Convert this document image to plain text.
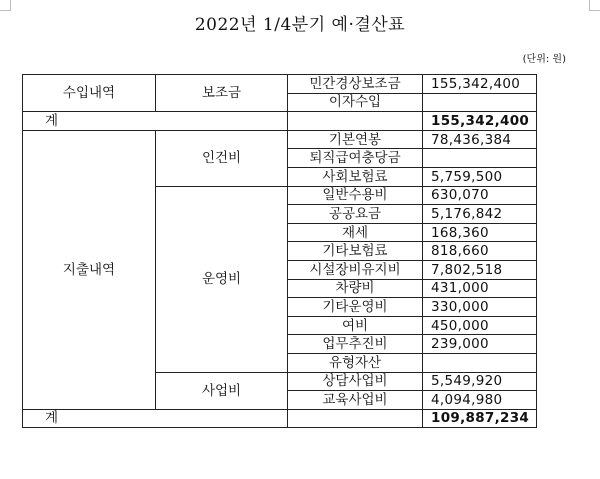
2022년 1/4분기 예·결산표
(단위: 원)
수입내역	보조금	민간경상보조금	155,342,400
		이자수입	
계			155,342,400
지출내역	인건비	기본연봉	78,436,384
		퇴직급여충당금	
		사회보험료	5,759,500
	운영비	일반수용비	630,070
		공공요금	5,176,842
		재세	168,360
		기타보험료	818,660
		시설장비유지비	7,802,518
		차량비	431,000
		기타운영비	330,000
		여비	450,000
		업무추진비	239,000
		유형자산	
	사업비	상담사업비	5,549,920
		교육사업비	4,094,980
계			109,887,234
